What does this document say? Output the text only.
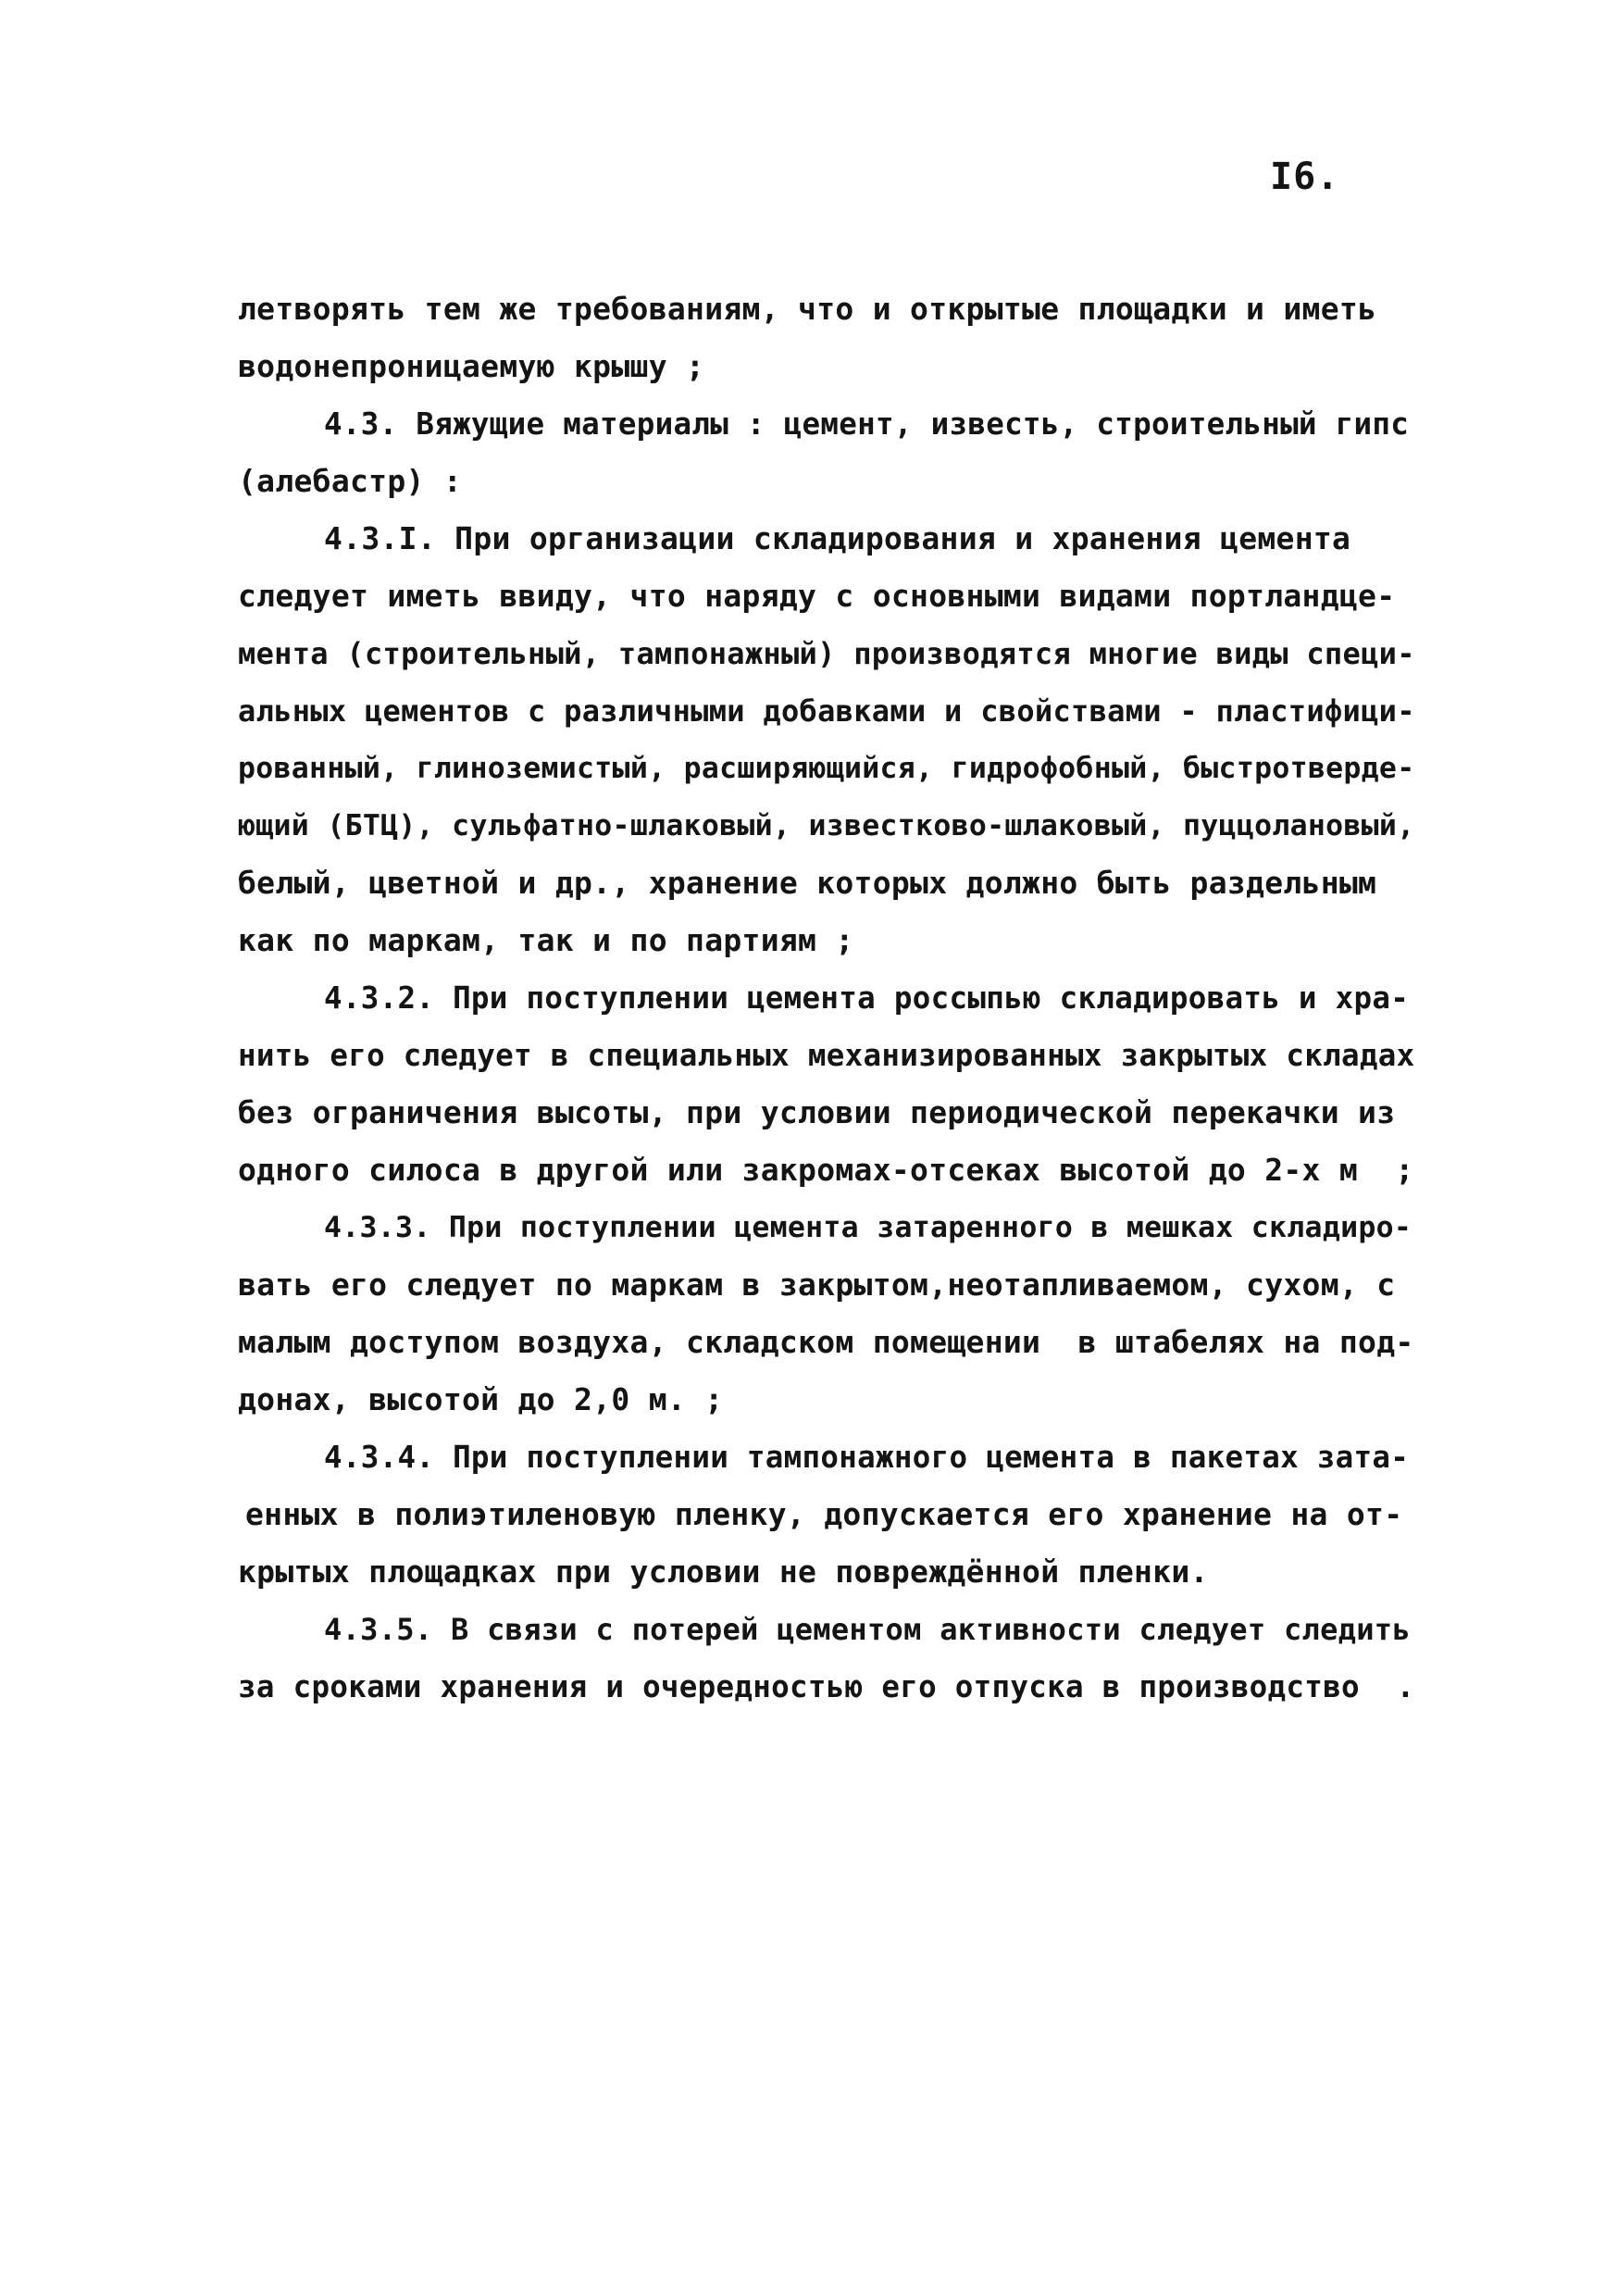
I6.
летворять тем же требованиям, что и открытые площадки и иметь
водонепроницаемую крышу ;
4.3. Вяжущие материалы : цемент, известь, строительный гипс
(алебастр) :
4.3.I. При организации складирования и хранения цемента
следует иметь ввиду, что наряду с основными видами портландце-
мента (строительный, тампонажный) производятся многие виды специ-
альных цементов с различными добавками и свойствами - пластифици-
рованный, глиноземистый, расширяющийся, гидрофобный, быстротверде-
ющий (БТЦ), сульфатно-шлаковый, известково-шлаковый, пуццолановый,
белый, цветной и др., хранение которых должно быть раздельным
как по маркам, так и по партиям ;
4.3.2. При поступлении цемента россыпью складировать и хра-
нить его следует в специальных механизированных закрытых складах
без ограничения высоты, при условии периодической перекачки из
одного силоса в другой или закромах-отсеках высотой до 2-х м  ;
4.3.3. При поступлении цемента затаренного в мешках складиро-
вать его следует по маркам в закрытом,неотапливаемом, сухом, с
малым доступом воздуха, складском помещении  в штабелях на под-
донах, высотой до 2,0 м. ;
4.3.4. При поступлении тампонажного цемента в пакетах зата-
енных в полиэтиленовую пленку, допускается его хранение на от-
крытых площадках при условии не повреждённой пленки.
4.3.5. В связи с потерей цементом активности следует следить
за сроками хранения и очередностью его отпуска в производство  .
